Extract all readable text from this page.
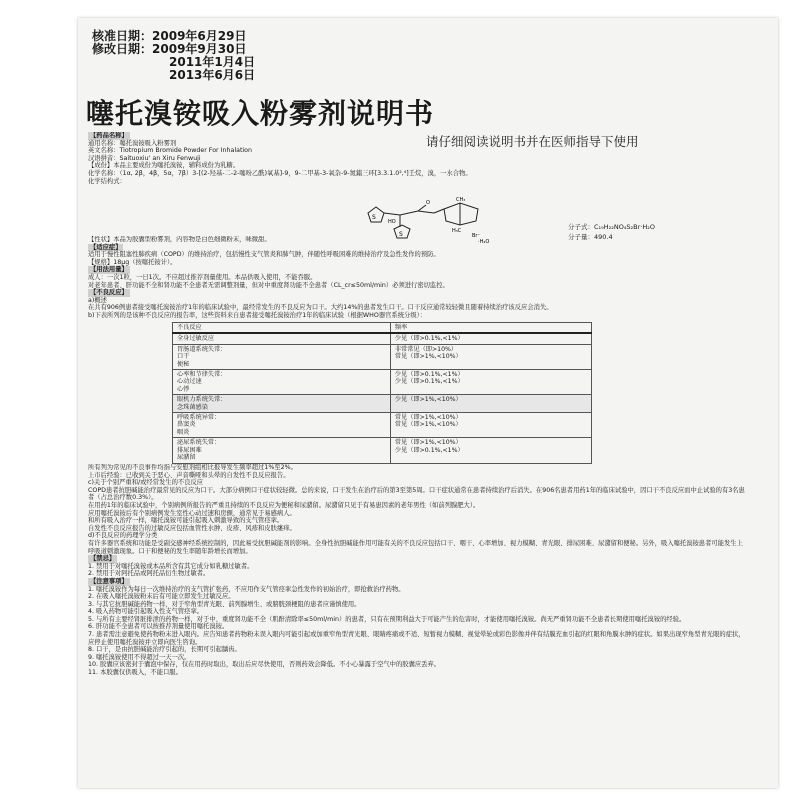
核准日期：2009年6月29日
修改日期：2009年9月30日
2011年1月4日
2013年6月6日
噻托溴铵吸入粉雾剂说明书
请仔细阅读说明书并在医师指导下使用
【药品名称】
通用名称：噻托溴铵吸入粉雾剂
英文名称：Tiotropium Bromide Powder For Inhalation
汉语拼音：Saituoxiu' an Xiru Fenwuji
【成份】本品主要成份为噻托溴铵，辅料成份为乳糖。
化学名称：（1α, 2β，4β，5α，7β）3-[(2-羟基-二-2-噻吩乙酰)氧基]-9，9-二甲基-3-氧杂-9-氮鎓三环[3.3.1.0²,⁴]壬烷，溴，一水合物。
化学结构式：
S
HO
O
S	Br⁻
·H₂O
H₃C
CH₃
分子式：C₁₉H₂₂NO₄S₂Br·H₂O
分子量：490.4
【性状】本品为胶囊型粉雾剂，内容物是白色细微粉末，味微甜。
【适应症】
适用于慢性阻塞性肺疾病（COPD）的维持治疗，包括慢性支气管炎和肺气肿，伴随性呼吸困难的维持治疗及急性发作的预防。
【规格】18μg（按噻托铵计）。
【用法用量】
成人：一次1粒，一日1次。不应超过推荐剂量使用。本品供吸入使用，不能吞服。
对老年患者、肝功能不全和肾功能不全患者无需调整剂量，但对中重度肾功能不全患者（CL_cr≤50ml/min）必须进行密切监控。
【不良反应】
a)概述
在共有906例患者接受噻托溴铵治疗1年的临床试验中，最经常发生的不良反应为口干。大约14%的患者发生口干。口干反应通常较轻微且随着持续治疗该反应会消失。
b)下表所列的是该种不良反应的报告率，这些资料来自患者接受噻托溴铵治疗1年的临床试验（根据WHO器官系统分级）：
不良反应	频率
全身过敏反应	少见（即>0.1%,<1%）
胃肠道系统失常：
口干
便秘	非常常见（即>10%）
常见（即>1%,<10%）
心率和节律失常：
心动过速
心悸	少见（即>0.1%,<1%）
少见（即>0.1%,<1%）
眼机力系统失常：
念珠菌感染	少见（即>1%,<10%）
呼吸系统异常：
鼻窦炎
咽炎	常见（即>1%,<10%）
常见（即>1%,<10%）
泌尿系统失常：
排尿困难
尿潴留	常见（即>1%,<10%）
少见（即>0.1%,<1%）
所有列为常见的不良事件均指与安慰剂组相比报导发生频率超过1%至2%。
上市后经验：已收到关于恶心、声音嘶哑和头晕的自发性不良反应报告。
c)关于个别严重和/或经常发生的不良反应
COPD患者抗胆碱能治疗最常见的反应为口干。大部分病例口干症状较轻微。总的来说，口干发生在治疗后的第3至第5周。口干症状通常在患者持续治疗后消失。在906名患者用药1年的临床试验中，因口干不良反应而中止试验的有3名患者（占总治疗数0.3%）。
在用药1年的临床试验中，个别病例所报告的严重且持续的不良反应为便秘和尿潴留。尿潴留只见于有易患因素的老年男性（如前列腺肥大）。
应用噻托溴铵后有个别病例发生室性心动过速和房颤，通常见于易感病人。
和所有吸入治疗一样，噻托溴铵可能引起吸入刺激导致的支气管痉挛。
自发性不良反应报告的过敏反应包括血管性水肿、皮疹、风疹和皮肤瘙痒。
d)不良反应的药理学分类
有许多器官系统和功能是受副交感神经系统控制的，因此易受抗胆碱能剂的影响。全身性抗胆碱能作用可能有关的不良反应包括口干、咽干、心率增加、视力模糊、青光眼、排尿困难、尿潴留和便秘。另外，吸入噻托溴铵患者可能发生上呼吸道刺激现象。口干和便秘的发生率随年龄增长而增加。
【禁忌】
1. 禁用于对噻托溴铵或本品所含有其它成分如乳糖过敏者。
2. 禁用于对阿托品或阿托品衍生物过敏者。
【注意事项】
1. 噻托溴铵作为每日一次维持治疗的支气管扩张药，不应用作支气管痉挛急性发作的初始治疗，即抢救治疗药物。
2. 在吸入噻托溴铵粉末后有可能立即发生过敏反应。
3. 与其它抗胆碱能药物一样，对于窄角型青光眼、前列腺增生、或膀胱颈梗阻的患者应谨慎使用。
4. 吸入药物可能引起吸入性支气管痉挛。
5. 与所有主要经肾脏排泄的药物一样，对于中、重度肾功能不全（肌酐清除率≤50ml/min）的患者，只有在预期利益大于可能产生的危害时，才能使用噻托溴铵。尚无严重肾功能不全患者长期使用噻托溴铵的经验。
6. 肝功能不全患者可以按推荐剂量使用噻托溴铵。
7. 患者需注意避免使药物粉末进入眼内。应告知患者药物粉末误入眼内可能引起或加重窄角型青光眼、眼睛疼痛或不适、短暂视力模糊、视觉晕轮或彩色影像并伴有结膜充血引起的红眼和角膜水肿的症状。如果出现窄角型青光眼的症状，应停止使用噻托溴铵并立即向医生咨询。
8. 口干，是由抗胆碱能治疗引起的，长期可引起龋齿。
9. 噻托溴铵使用不得超过一天一次。
10. 胶囊应该密封于囊泡中保存，仅在用药时取出，取出后应尽快使用，否则药效会降低。不小心暴露于空气中的胶囊应丢弃。
11. 本胶囊仅供吸入，不能口服。
